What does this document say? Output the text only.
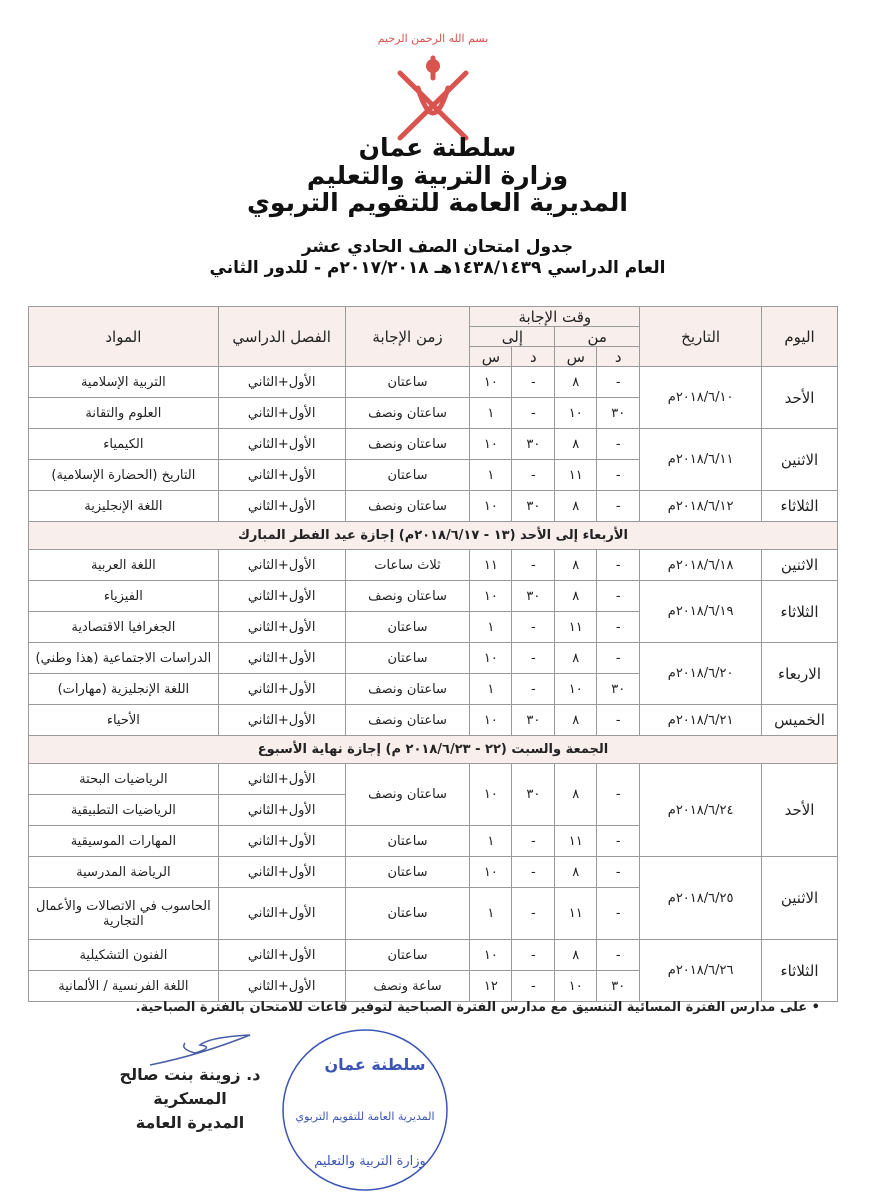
بسم الله الرحمن الرحيم
سلطنة عمان
وزارة التربية والتعليم
المديرية العامة للتقويم التربوي
جدول امتحان الصف الحادي عشر
العام الدراسي ١٤٣٨/١٤٣٩هـ ٢٠١٧/٢٠١٨م - للدور الثاني
اليوم	التاريخ	وقت الإجابة				زمن الإجابة	الفصل الدراسي	المواد
		من		إلى				
		د	س	د	س			
الأحد	٢٠١٨/٦/١٠م	-	٨	-	١٠	ساعتان	الأول+الثاني	التربية الإسلامية
		٣٠	١٠	-	١	ساعتان ونصف	الأول+الثاني	العلوم والتقانة
الاثنين	٢٠١٨/٦/١١م	-	٨	٣٠	١٠	ساعتان ونصف	الأول+الثاني	الكيمياء
		-	١١	-	١	ساعتان	الأول+الثاني	التاريخ (الحضارة الإسلامية)
الثلاثاء	٢٠١٨/٦/١٢م	-	٨	٣٠	١٠	ساعتان ونصف	الأول+الثاني	اللغة الإنجليزية
الأربعاء إلى الأحد (١٣ - ٢٠١٨/٦/١٧م) إجازة عيد الفطر المبارك								
الاثنين	٢٠١٨/٦/١٨م	-	٨	-	١١	ثلاث ساعات	الأول+الثاني	اللغة العربية
الثلاثاء	٢٠١٨/٦/١٩م	-	٨	٣٠	١٠	ساعتان ونصف	الأول+الثاني	الفيزياء
		-	١١	-	١	ساعتان	الأول+الثاني	الجغرافيا الاقتصادية
الاربعاء	٢٠١٨/٦/٢٠م	-	٨	-	١٠	ساعتان	الأول+الثاني	الدراسات الاجتماعية (هذا وطني)
		٣٠	١٠	-	١	ساعتان ونصف	الأول+الثاني	اللغة الإنجليزية (مهارات)
الخميس	٢٠١٨/٦/٢١م	-	٨	٣٠	١٠	ساعتان ونصف	الأول+الثاني	الأحياء
الجمعة والسبت (٢٢ - ٢٠١٨/٦/٢٣ م) إجازة نهاية الأسبوع								
الأحد	٢٠١٨/٦/٢٤م	-	٨	٣٠	١٠	ساعتان ونصف	الأول+الثاني	الرياضيات البحتة
							الأول+الثاني	الرياضيات التطبيقية
		-	١١	-	١	ساعتان	الأول+الثاني	المهارات الموسيقية
الاثنين	٢٠١٨/٦/٢٥م	-	٨	-	١٠	ساعتان	الأول+الثاني	الرياضة المدرسية
		-	١١	-	١	ساعتان	الأول+الثاني	الحاسوب في الاتصالات والأعمال التجارية
الثلاثاء	٢٠١٨/٦/٢٦م	-	٨	-	١٠	ساعتان	الأول+الثاني	الفنون التشكيلية
		٣٠	١٠	-	١٢	ساعة ونصف	الأول+الثاني	اللغة الفرنسية / الألمانية
• على مدارس الفترة المسائية التنسيق مع مدارس الفترة الصباحية لتوفير قاعات للامتحان بالفترة الصباحية.
د. زوينة بنت صالح المسكرية
المديرة العامة
سلطنة عمان
المديرية العامة للتقويم التربوي
وزارة التربية والتعليم
